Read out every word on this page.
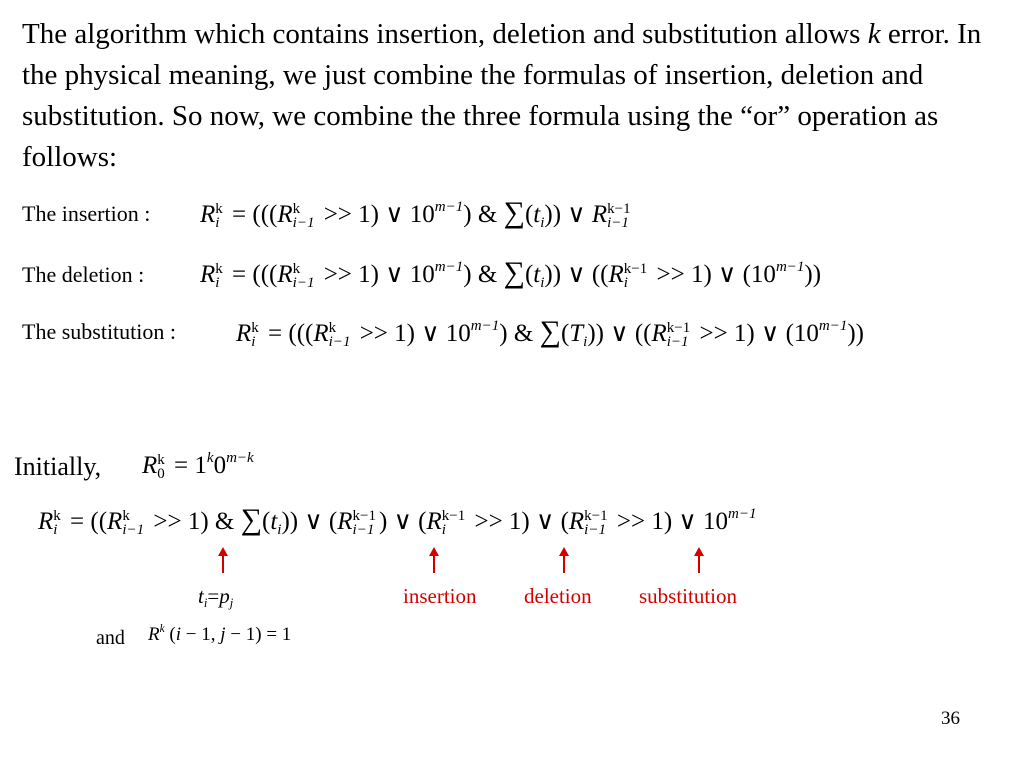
The algorithm which contains insertion, deletion and substitution allows k error. In the physical meaning, we just combine the formulas of insertion, deletion and substitution. So now, we combine the three formula using the “or” operation as follows:
The insertion : R k
i = (((R k
i−1 >> 1) ∨ $10^{m-1}$) & $\sum(t_i)$) ∨ R k−1
i−1
The deletion : R k
i = (((R k
i−1 >> 1) ∨ $10^{m-1}$) & $\sum(t_i)$) ∨ ((R k−1
i	>> 1) ∨ $(10^{m-1})$)
The substitution : R k
i = (((R k
i−1 >> 1) ∨ $10^{m-1}$) & $\sum(T_i)$) ∨ ((R k−1
i−1 >> 1) ∨ $(10^{m-1})$)
Initially, R k
$0 = 1^k0^{m-k}$
R k
i = ((R k
i−1 >> 1) & $\sum(t_i)$) ∨ (R k−1
i−1 ) ∨ (R k−1
i	>> 1) ∨ (R k−1
i−1 >> 1) ∨ $10^{m-1}$
$t_i=p_j$	insertion deletion substitution
and $R^k$ (i − 1, j − 1) = 1
36
